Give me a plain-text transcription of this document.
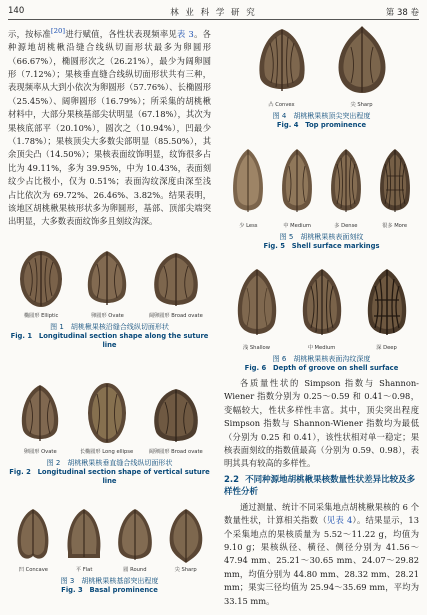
140	林 业 科 学 研 究	第 38 卷

示，按标准[20]进行赋值，各性状表现频率见表 3。各种源地胡桃楸沿缝合线纵切面形状最多为卵圆形（66.67%），椭圆形次之（26.21%），最少为阔卵圆形（7.12%）；果核垂直缝合线纵切面形状共有三种，表现频率从大到小依次为卵圆形（57.76%）、长椭圆形（25.45%）、阔卵圆形（16.79%）；所采集的胡桃楸材料中，大部分果核基部尖状明显（67.18%），其次为果核底部平（20.10%），圆次之（10.94%），凹最少（1.78%）；果核顶尖大多数尖部明显（85.50%），其余顶尖凸（14.50%）；果核表面纹饰明显，纹饰很多占比为 49.11%，多为 39.95%，中为 10.43%，表面刻纹少占比极小，仅为 0.51%；表面沟纹深度由深至浅占比依次为 69.72%、26.46%、3.82%。结果表明，该地区胡桃楸果核形状多为卵圆形，基部、顶部尖端突出明显，大多数表面纹饰多且刻纹沟深。

椭圆形 Elliptic	卵圆形 Ovate	阔卵圆形 Broad ovate
图 1　胡桃楸果核沿缝合线纵切面形状
Fig. 1　Longitudinal section shape along the suture line
卵圆形 Ovate	长椭圆形 Long ellipse	阔卵圆形 Broad ovate
图 2　胡桃楸果核垂直缝合线纵切面形状
Fig. 2　Longitudinal section shape of vertical suture line
凹 Concave	平 Flat	圆 Round	尖 Sharp
图 3　胡桃楸果核基部突出程度
Fig. 3　Basal prominence
凸 Convex	尖 Sharp
图 4　胡桃楸果核顶尖突出程度
Fig. 4　Top prominence
少 Less	中 Medium	多 Dense	很多 More
图 5　胡桃楸果核表面刻纹
Fig. 5　Shell surface markings
浅 Shallow	中 Medium	深 Deep
图 6　胡桃楸果核表面沟纹深度
Fig. 6　Depth of groove on shell surface

各质量性状的 Simpson 指数与 Shannon-Wiener 指数分别为 0.25～0.59 和 0.41～0.98，变幅较大，性状多样性丰富。其中，顶尖突出程度 Simpson 指数与 Shannon-Wiener 指数均为最低（分别为 0.25 和 0.41），该性状相对单一稳定；果核表面刻纹的指数值最高（分别为 0.59、0.98），表明其具有较高的多样性。

2.2 不同种源地胡桃楸果核数量性状差异比较及多样性分析

通过测量、统计不同采集地点胡桃楸果核的 6 个数量性状，计算相关指数（见表 4）。结果显示，13 个采集地点的果核质量为 5.52～11.22 g，均值为 9.10 g；果核纵径、横径、侧径分别为 41.56～47.94 mm、25.21～30.65 mm、24.07～29.82 mm，均值分别为 44.80 mm、28.32 mm、28.21 mm；果实三径均值为 25.94～35.69 mm，平均为 33.15 mm。
